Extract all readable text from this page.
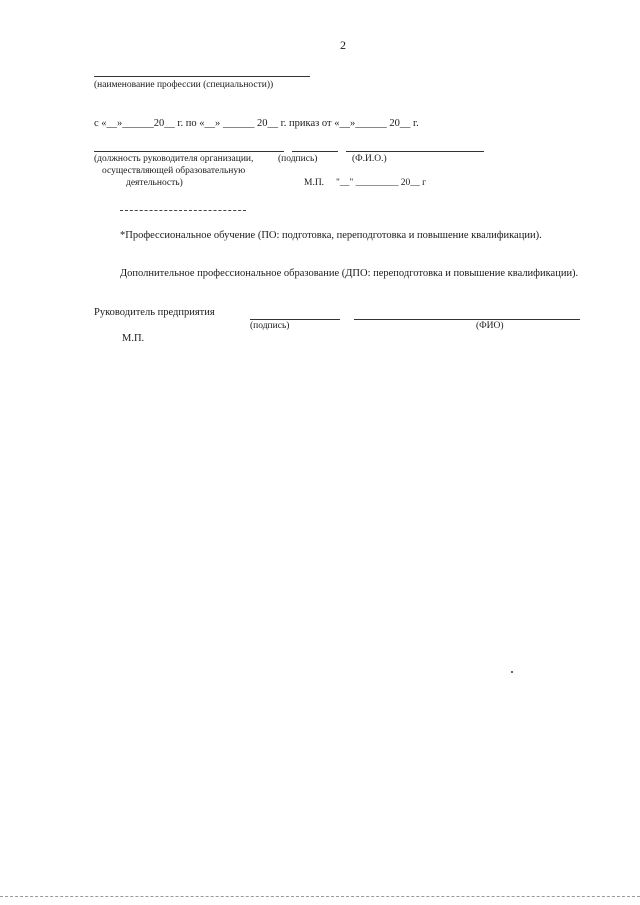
2
(наименование профессии (специальности))
с «__»______20__ г. по «__» ______ 20__ г. приказ от «__»______ 20__ г.
(должность руководителя организации,	(подпись)	(Ф.И.О.)
осуществляющей образовательную
деятельность)	М.П. "__" _________ 20__ г
*Профессиональное обучение (ПО: подготовка, переподготовка и повышение квалификации).
Дополнительное профессиональное образование (ДПО: переподготовка и повышение квалификации).
Руководитель предприятия
(подпись)	(ФИО)
М.П.
